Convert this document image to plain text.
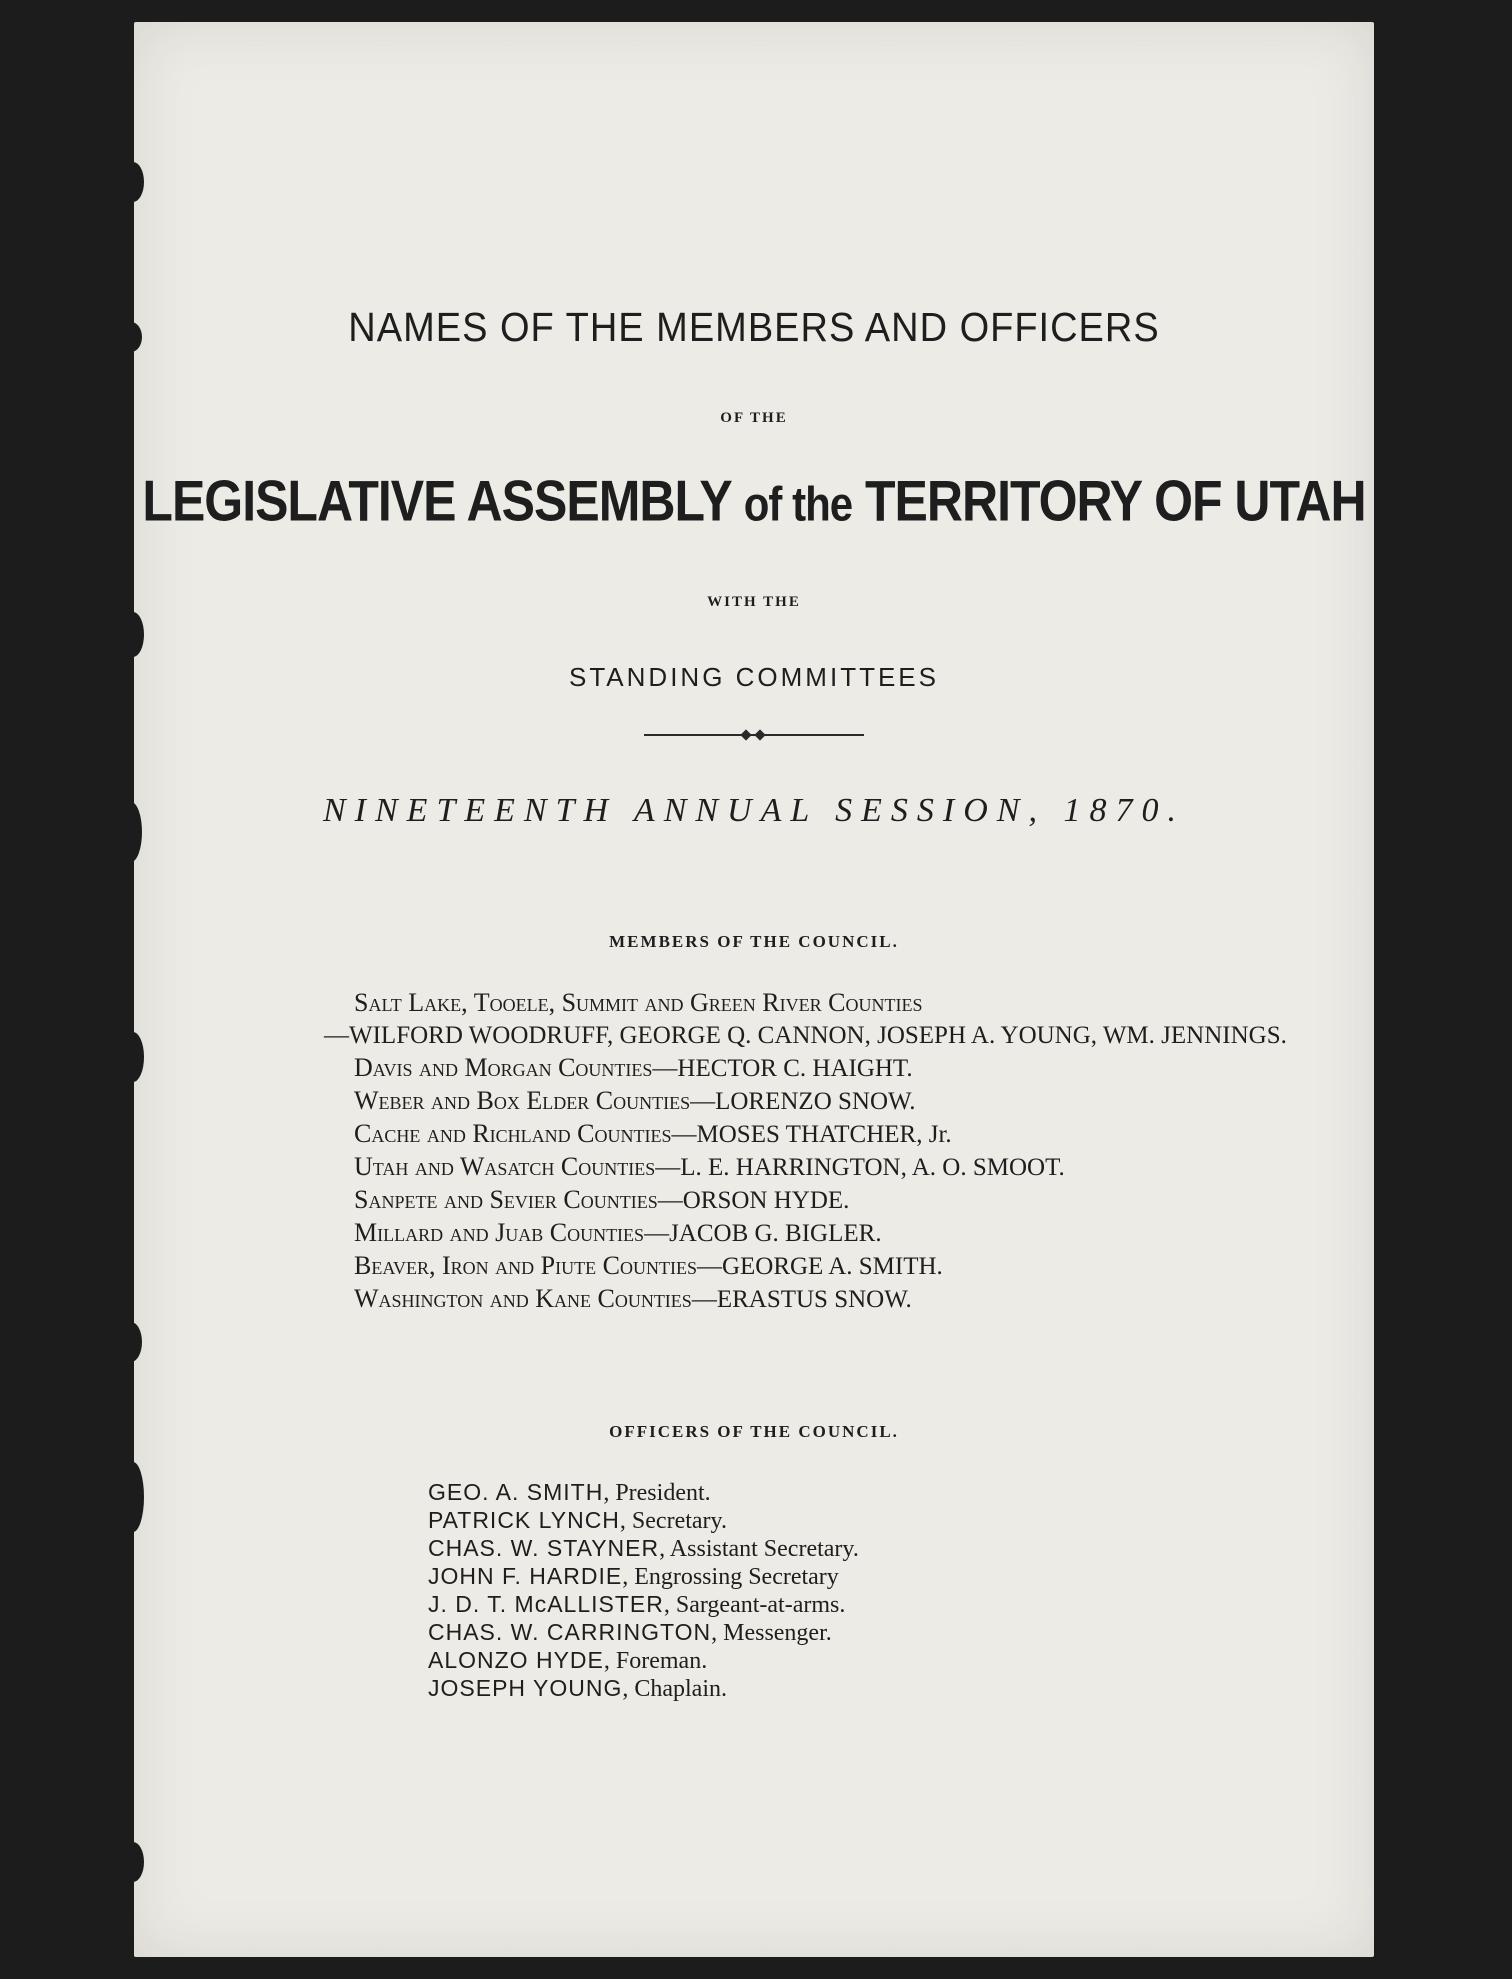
NAMES OF THE MEMBERS AND OFFICERS
OF THE
LEGISLATIVE ASSEMBLY of the TERRITORY OF UTAH
WITH THE
STANDING COMMITTEES
NINETEENTH ANNUAL SESSION, 1870.
MEMBERS OF THE COUNCIL.

Salt Lake, Tooele, Summit and Green River Counties
—WILFORD WOODRUFF, GEORGE Q. CANNON, JOSEPH A. YOUNG, WM. JENNINGS.

Davis and Morgan Counties—HECTOR C. HAIGHT.

Weber and Box Elder Counties—LORENZO SNOW.

Cache and Richland Counties—MOSES THATCHER, Jr.

Utah and Wasatch Counties—L. E. HARRINGTON, A. O. SMOOT.

Sanpete and Sevier Counties—ORSON HYDE.

Millard and Juab Counties—JACOB G. BIGLER.

Beaver, Iron and Piute Counties—GEORGE A. SMITH.

Washington and Kane Counties—ERASTUS SNOW.

OFFICERS OF THE COUNCIL.
GEO. A. SMITH, President.
PATRICK LYNCH, Secretary.
CHAS. W. STAYNER, Assistant Secretary.
JOHN F. HARDIE, Engrossing Secretary
J. D. T. McALLISTER, Sargeant-at-arms.
CHAS. W. CARRINGTON, Messenger.
ALONZO HYDE, Foreman.
JOSEPH YOUNG, Chaplain.
